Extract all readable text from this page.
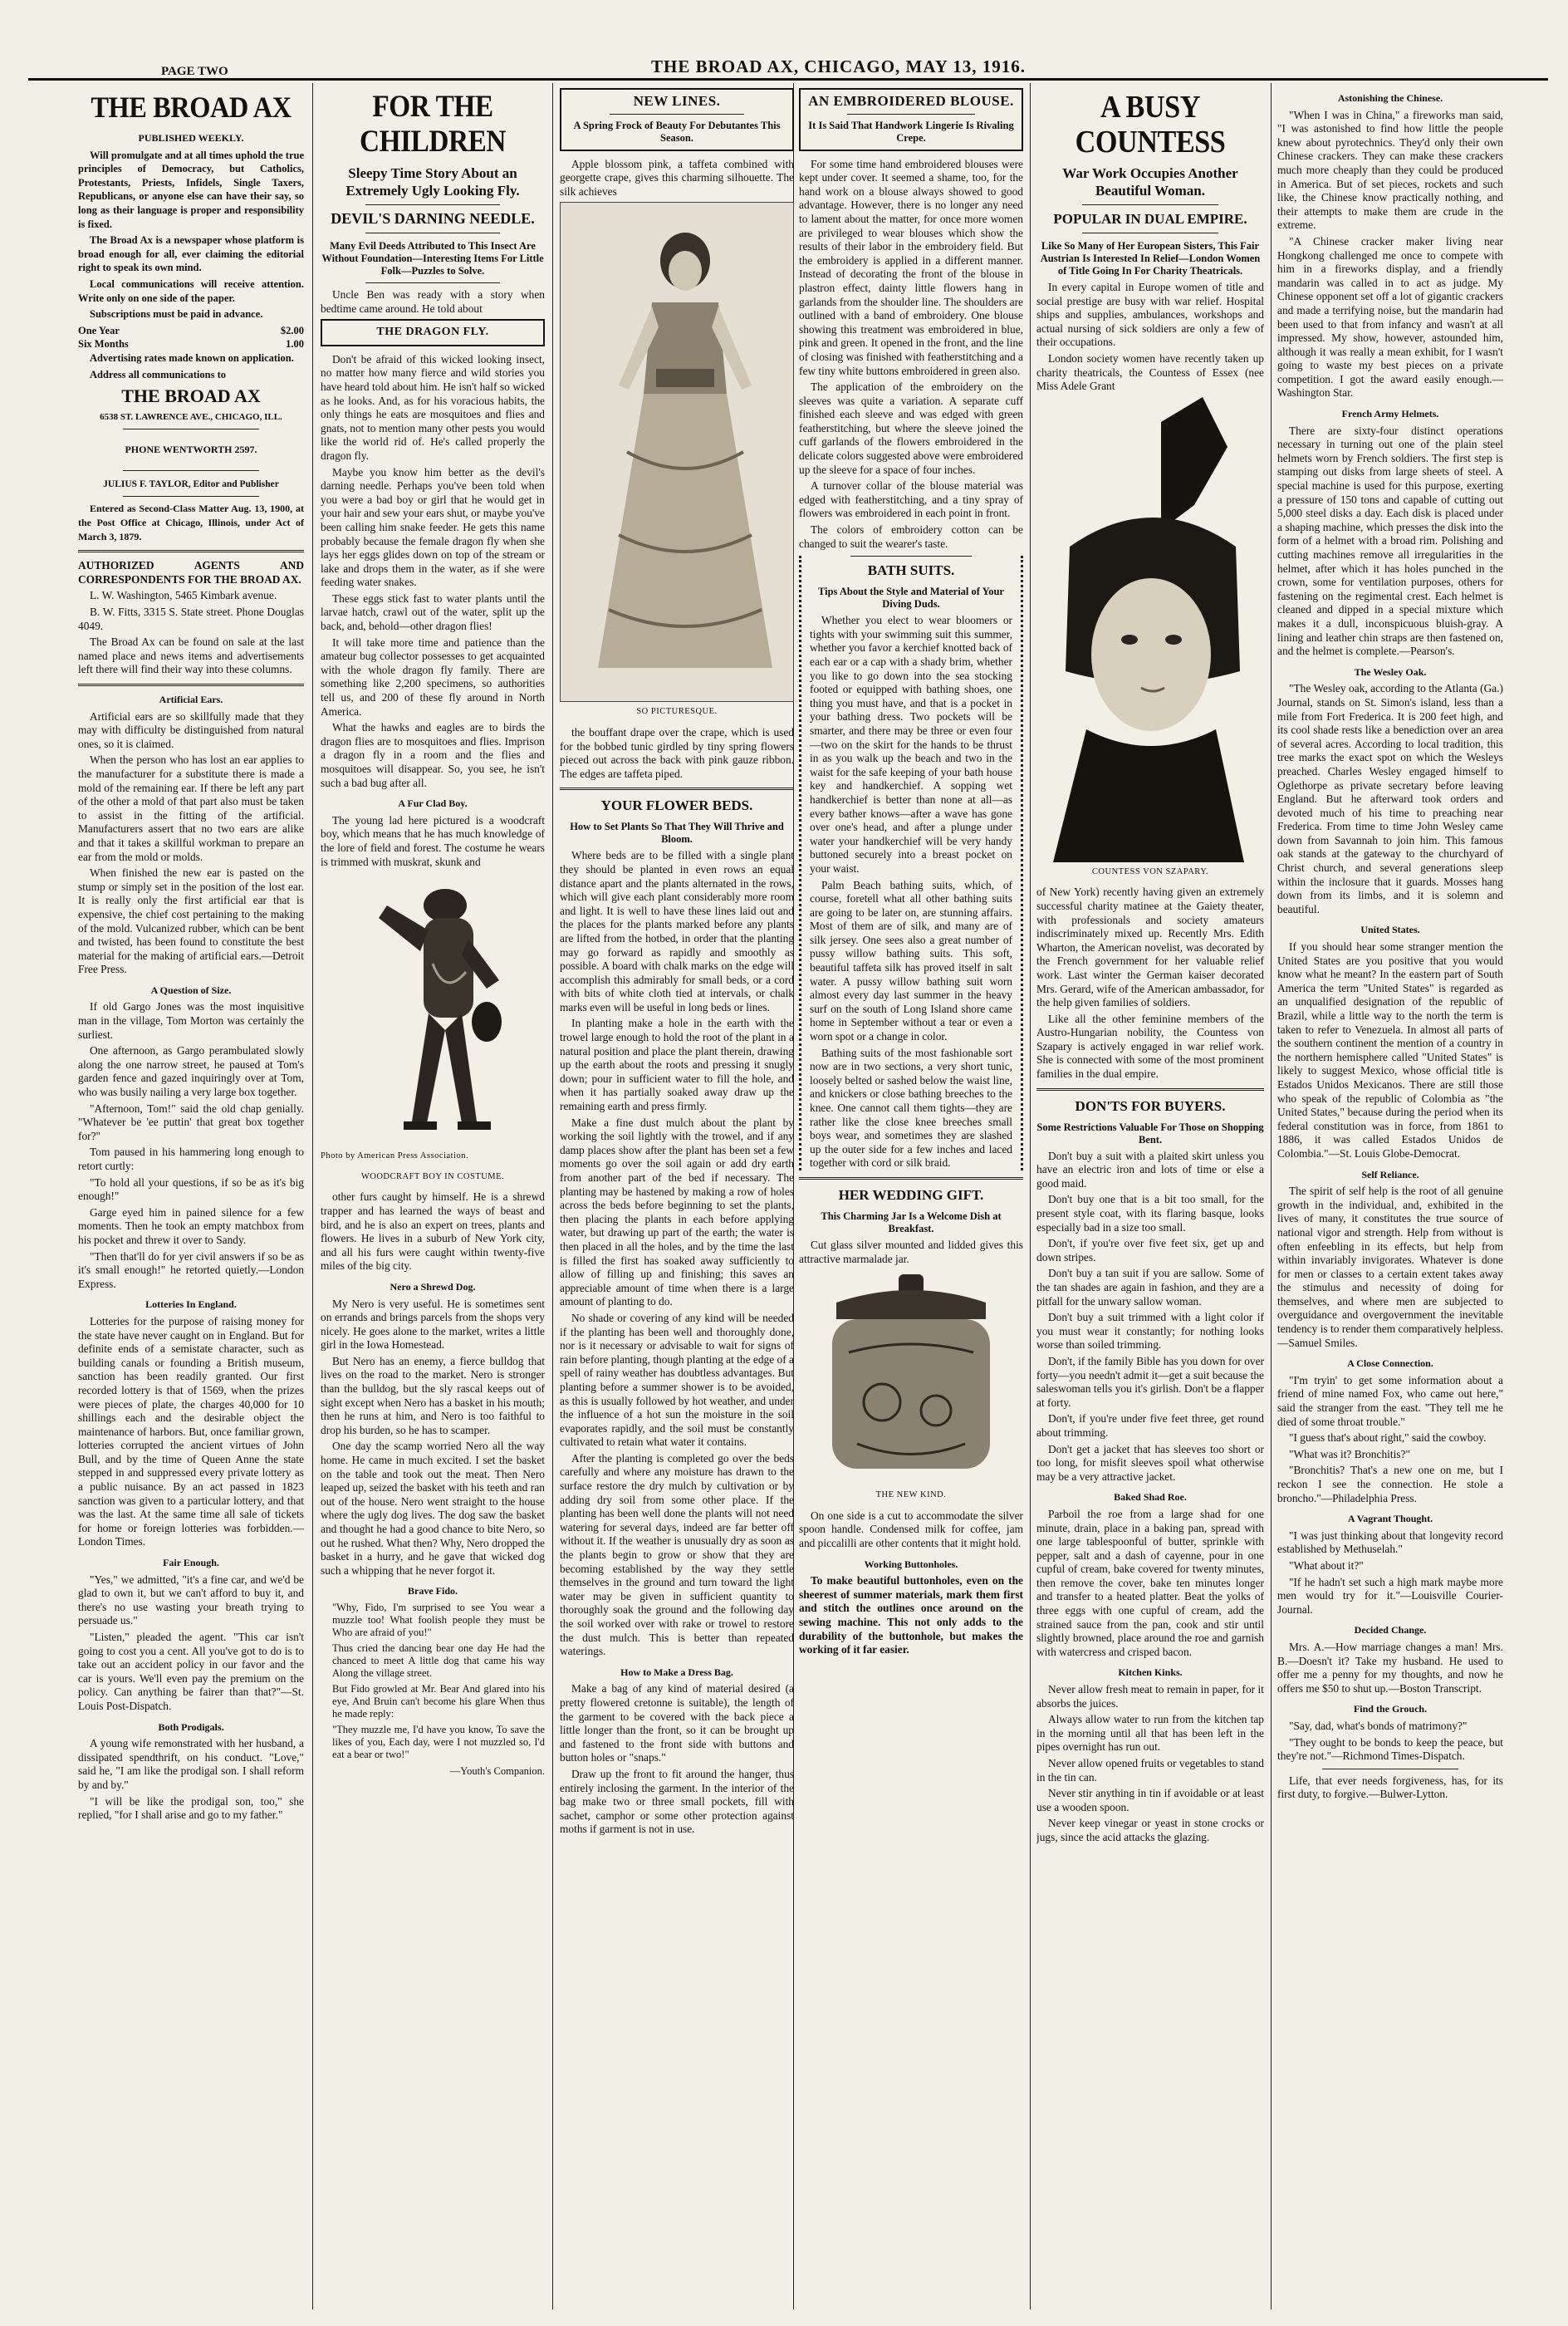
PAGE TWO	THE BROAD AX, CHICAGO, MAY 13, 1916.
THE BROAD AX
PUBLISHED WEEKLY.

Will promulgate and at all times uphold the true principles of Democracy, but Catholics, Protestants, Priests, Infidels, Single Taxers, Republicans, or anyone else can have their say, so long as their language is proper and responsibility is fixed.

The Broad Ax is a newspaper whose platform is broad enough for all, ever claiming the editorial right to speak its own mind.

Local communications will receive attention. Write only on one side of the paper.

Subscriptions must be paid in advance.

One Year	$2.00
Six Months	1.00

Advertising rates made known on application.

Address all communications to

THE BROAD AX
6538 ST. LAWRENCE AVE., CHICAGO, ILL.
PHONE WENTWORTH 2597.
JULIUS F. TAYLOR, Editor and Publisher

Entered as Second-Class Matter Aug. 13, 1900, at the Post Office at Chicago, Illinois, under Act of March 3, 1879.

AUTHORIZED AGENTS AND CORRESPONDENTS FOR THE BROAD AX.

L. W. Washington, 5465 Kimbark avenue.

B. W. Fitts, 3315 S. State street. Phone Douglas 4049.

The Broad Ax can be found on sale at the last named place and news items and advertisements left there will find their way into these columns.

Artificial Ears.

Artificial ears are so skillfully made that they may with difficulty be distinguished from natural ones, so it is claimed.

When the person who has lost an ear applies to the manufacturer for a substitute there is made a mold of the remaining ear. If there be left any part of the other a mold of that part also must be taken to assist in the fitting of the artificial. Manufacturers assert that no two ears are alike and that it takes a skillful workman to prepare an ear from the mold or molds.

When finished the new ear is pasted on the stump or simply set in the position of the lost ear. It is really only the first artificial ear that is expensive, the chief cost pertaining to the making of the mold. Vulcanized rubber, which can be bent and twisted, has been found to constitute the best material for the making of artificial ears.—Detroit Free Press.

A Question of Size.

If old Gargo Jones was the most inquisitive man in the village, Tom Morton was certainly the surliest.

One afternoon, as Gargo perambulated slowly along the one narrow street, he paused at Tom's garden fence and gazed inquiringly over at Tom, who was busily nailing a very large box together.

"Afternoon, Tom!" said the old chap genially. "Whatever be 'ee puttin' that great box together for?"

Tom paused in his hammering long enough to retort curtly:

"To hold all your questions, if so be as it's big enough!"

Garge eyed him in pained silence for a few moments. Then he took an empty matchbox from his pocket and threw it over to Sandy.

"Then that'll do for yer civil answers if so be as it's small enough!" he retorted quietly.—London Express.

Lotteries In England.

Lotteries for the purpose of raising money for the state have never caught on in England. But for definite ends of a semistate character, such as building canals or founding a British museum, sanction has been readily granted. Our first recorded lottery is that of 1569, when the prizes were pieces of plate, the charges 40,000 for 10 shillings each and the desirable object the maintenance of harbors. But, once familiar grown, lotteries corrupted the ancient virtues of John Bull, and by the time of Queen Anne the state stepped in and suppressed every private lottery as a public nuisance. By an act passed in 1823 sanction was given to a particular lottery, and that was the last. At the same time all sale of tickets for home or foreign lotteries was forbidden.—London Times.

Fair Enough.

"Yes," we admitted, "it's a fine car, and we'd be glad to own it, but we can't afford to buy it, and there's no use wasting your breath trying to persuade us."

"Listen," pleaded the agent. "This car isn't going to cost you a cent. All you've got to do is to take out an accident policy in our favor and the car is yours. We'll even pay the premium on the policy. Can anything be fairer than that?"—St. Louis Post-Dispatch.

Both Prodigals.

A young wife remonstrated with her husband, a dissipated spendthrift, on his conduct. "Love," said he, "I am like the prodigal son. I shall reform by and by."

"I will be like the prodigal son, too," she replied, "for I shall arise and go to my father."

FOR THE CHILDREN
Sleepy Time Story About an Extremely Ugly Looking Fly.
DEVIL'S DARNING NEEDLE.
Many Evil Deeds Attributed to This Insect Are Without Foundation—Interesting Items For Little Folk—Puzzles to Solve.

Uncle Ben was ready with a story when bedtime came around. He told about

THE DRAGON FLY.

Don't be afraid of this wicked looking insect, no matter how many fierce and wild stories you have heard told about him. He isn't half so wicked as he looks. And, as for his voracious habits, the only things he eats are mosquitoes and flies and gnats, not to mention many other pests you would like the world rid of. He's called properly the dragon fly.

Maybe you know him better as the devil's darning needle. Perhaps you've been told when you were a bad boy or girl that he would get in your hair and sew your ears shut, or maybe you've been calling him snake feeder. He gets this name probably because the female dragon fly when she lays her eggs glides down on top of the stream or lake and drops them in the water, as if she were feeding water snakes.

These eggs stick fast to water plants until the larvae hatch, crawl out of the water, split up the back, and, behold—other dragon flies!

It will take more time and patience than the amateur bug collector possesses to get acquainted with the whole dragon fly family. There are something like 2,200 specimens, so authorities tell us, and 200 of these fly around in North America.

What the hawks and eagles are to birds the dragon flies are to mosquitoes and flies. Imprison a dragon fly in a room and the flies and mosquitoes will disappear. So, you see, he isn't such a bad bug after all.

A Fur Clad Boy.

The young lad here pictured is a woodcraft boy, which means that he has much knowledge of the lore of field and forest. The costume he wears is trimmed with muskrat, skunk and

Photo by American Press Association.
WOODCRAFT BOY IN COSTUME.

other furs caught by himself. He is a shrewd trapper and has learned the ways of beast and bird, and he is also an expert on trees, plants and flowers. He lives in a suburb of New York city, and all his furs were caught within twenty-five miles of the big city.

Nero a Shrewd Dog.

My Nero is very useful. He is sometimes sent on errands and brings parcels from the shops very nicely. He goes alone to the market, writes a little girl in the Iowa Homestead.

But Nero has an enemy, a fierce bulldog that lives on the road to the market. Nero is stronger than the bulldog, but the sly rascal keeps out of sight except when Nero has a basket in his mouth; then he runs at him, and Nero is too faithful to drop his burden, so he has to scamper.

One day the scamp worried Nero all the way home. He came in much excited. I set the basket on the table and took out the meat. Then Nero leaped up, seized the basket with his teeth and ran out of the house. Nero went straight to the house where the ugly dog lives. The dog saw the basket and thought he had a good chance to bite Nero, so out he rushed. What then? Why, Nero dropped the basket in a hurry, and he gave that wicked dog such a whipping that he never forgot it.

Brave Fido.

"Why, Fido, I'm surprised to see You wear a muzzle too! What foolish people they must be Who are afraid of you!"

Thus cried the dancing bear one day He had the chanced to meet A little dog that came his way Along the village street.

But Fido growled at Mr. Bear And glared into his eye, And Bruin can't become his glare When thus he made reply:

"They muzzle me, I'd have you know, To save the likes of you, Each day, were I not muzzled so, I'd eat a bear or two!"

—Youth's Companion.
NEW LINES.
A Spring Frock of Beauty For Debutantes This Season.

Apple blossom pink, a taffeta combined with georgette crape, gives this charming silhouette. The silk achieves

SO PICTURESQUE.

the bouffant drape over the crape, which is used for the bobbed tunic girdled by tiny spring flowers pieced out across the back with pink gauze ribbon. The edges are taffeta piped.

YOUR FLOWER BEDS.
How to Set Plants So That They Will Thrive and Bloom.

Where beds are to be filled with a single plant they should be planted in even rows an equal distance apart and the plants alternated in the rows, which will give each plant considerably more room and light. It is well to have these lines laid out and the places for the plants marked before any plants are lifted from the hotbed, in order that the planting may go forward as rapidly and smoothly as possible. A board with chalk marks on the edge will accomplish this admirably for small beds, or a cord with bits of white cloth tied at intervals, or chalk marks even will be useful in long beds or lines.

In planting make a hole in the earth with the trowel large enough to hold the root of the plant in a natural position and place the plant therein, drawing up the earth about the roots and pressing it snugly down; pour in sufficient water to fill the hole, and when it has partially soaked away draw up the remaining earth and press firmly.

Make a fine dust mulch about the plant by working the soil lightly with the trowel, and if any damp places show after the plant has been set a few moments go over the soil again or add dry earth from another part of the bed if necessary. The planting may be hastened by making a row of holes across the beds before beginning to set the plants, then placing the plants in each before applying water, but drawing up part of the earth; the water is then placed in all the holes, and by the time the last is filled the first has soaked away sufficiently to allow of filling up and finishing; this saves an appreciable amount of time when there is a large amount of planting to do.

No shade or covering of any kind will be needed if the planting has been well and thoroughly done, nor is it necessary or advisable to wait for signs of rain before planting, though planting at the edge of a spell of rainy weather has doubtless advantages. But planting before a summer shower is to be avoided, as this is usually followed by hot weather, and under the influence of a hot sun the moisture in the soil evaporates rapidly, and the soil must be constantly cultivated to retain what water it contains.

After the planting is completed go over the beds carefully and where any moisture has drawn to the surface restore the dry mulch by cultivation or by adding dry soil from some other place. If the planting has been well done the plants will not need watering for several days, indeed are far better off without it. If the weather is unusually dry as soon as the plants begin to grow or show that they are becoming established by the way they settle themselves in the ground and turn toward the light water may be given in sufficient quantity to thoroughly soak the ground and the following day the soil worked over with rake or trowel to restore the dust mulch. This is better than repeated waterings.

How to Make a Dress Bag.

Make a bag of any kind of material desired (a pretty flowered cretonne is suitable), the length of the garment to be covered with the back piece a little longer than the front, so it can be brought up and fastened to the front side with buttons and button holes or "snaps."

Draw up the front to fit around the hanger, thus entirely inclosing the garment. In the interior of the bag make two or three small pockets, fill with sachet, camphor or some other protection against moths if garment is not in use.

AN EMBROIDERED BLOUSE.
It Is Said That Handwork Lingerie Is Rivaling Crepe.

For some time hand embroidered blouses were kept under cover. It seemed a shame, too, for the hand work on a blouse always showed to good advantage. However, there is no longer any need to lament about the matter, for once more women are privileged to wear blouses which show the results of their labor in the embroidery field. But the embroidery is applied in a different manner. Instead of decorating the front of the blouse in plastron effect, dainty little flowers hang in garlands from the shoulder line. The shoulders are outlined with a band of embroidery. One blouse showing this treatment was embroidered in blue, pink and green. It opened in the front, and the line of closing was finished with featherstitching and a few tiny white buttons embroidered in green also.

The application of the embroidery on the sleeves was quite a variation. A separate cuff finished each sleeve and was edged with green featherstitching, but where the sleeve joined the cuff garlands of the flowers embroidered in the delicate colors suggested above were embroidered up the sleeve for a space of four inches.

A turnover collar of the blouse material was edged with featherstitching, and a tiny spray of flowers was embroidered in each point in front.

The colors of embroidery cotton can be changed to suit the wearer's taste.

BATH SUITS.
Tips About the Style and Material of Your Diving Duds.

Whether you elect to wear bloomers or tights with your swimming suit this summer, whether you favor a kerchief knotted back of each ear or a cap with a shady brim, whether you like to go down into the sea stocking footed or equipped with bathing shoes, one thing you must have, and that is a pocket in your bathing dress. Two pockets will be smarter, and there may be three or even four—two on the skirt for the hands to be thrust in as you walk up the beach and two in the waist for the safe keeping of your bath house key and handkerchief. A sopping wet handkerchief is better than none at all—as every bather knows—after a wave has gone over one's head, and after a plunge under water your handkerchief will be very handy buttoned securely into a breast pocket on your waist.

Palm Beach bathing suits, which, of course, foretell what all other bathing suits are going to be later on, are stunning affairs. Most of them are of silk, and many are of silk jersey. One sees also a great number of pussy willow bathing suits. This soft, beautiful taffeta silk has proved itself in salt water. A pussy willow bathing suit worn almost every day last summer in the heavy surf on the south of Long Island shore came home in September without a tear or even a worn spot or a change in color.

Bathing suits of the most fashionable sort now are in two sections, a very short tunic, loosely belted or sashed below the waist line, and knickers or close bathing breeches to the knee. One cannot call them tights—they are rather like the close knee breeches small boys wear, and sometimes they are slashed up the outer side for a few inches and laced together with cord or silk braid.

HER WEDDING GIFT.
This Charming Jar Is a Welcome Dish at Breakfast.

Cut glass silver mounted and lidded gives this attractive marmalade jar.

THE NEW KIND.

On one side is a cut to accommodate the silver spoon handle. Condensed milk for coffee, jam and piccalilli are other contents that it might hold.

Working Buttonholes.

To make beautiful buttonholes, even on the sheerest of summer materials, mark them first and stitch the outlines once around on the sewing machine. This not only adds to the durability of the buttonhole, but makes the working of it far easier.

A BUSY COUNTESS
War Work Occupies Another Beautiful Woman.
POPULAR IN DUAL EMPIRE.
Like So Many of Her European Sisters, This Fair Austrian Is Interested In Relief—London Women of Title Going In For Charity Theatricals.

In every capital in Europe women of title and social prestige are busy with war relief. Hospital ships and supplies, ambulances, workshops and actual nursing of sick soldiers are only a few of their occupations.

London society women have recently taken up charity theatricals, the Countess of Essex (nee Miss Adele Grant

COUNTESS VON SZAPARY.

of New York) recently having given an extremely successful charity matinee at the Gaiety theater, with professionals and society amateurs indiscriminately mixed up. Recently Mrs. Edith Wharton, the American novelist, was decorated by the French government for her valuable relief work. Last winter the German kaiser decorated Mrs. Gerard, wife of the American ambassador, for the help given families of soldiers.

Like all the other feminine members of the Austro-Hungarian nobility, the Countess von Szapary is actively engaged in war relief work. She is connected with some of the most prominent families in the dual empire.

DON'TS FOR BUYERS.
Some Restrictions Valuable For Those on Shopping Bent.

Don't buy a suit with a plaited skirt unless you have an electric iron and lots of time or else a good maid.

Don't buy one that is a bit too small, for the present style coat, with its flaring basque, looks especially bad in a size too small.

Don't, if you're over five feet six, get up and down stripes.

Don't buy a tan suit if you are sallow. Some of the tan shades are again in fashion, and they are a pitfall for the unwary sallow woman.

Don't buy a suit trimmed with a light color if you must wear it constantly; for nothing looks worse than soiled trimming.

Don't, if the family Bible has you down for over forty—you needn't admit it—get a suit because the saleswoman tells you it's girlish. Don't be a flapper at forty.

Don't, if you're under five feet three, get round about trimming.

Don't get a jacket that has sleeves too short or too long, for misfit sleeves spoil what otherwise may be a very attractive jacket.

Baked Shad Roe.

Parboil the roe from a large shad for one minute, drain, place in a baking pan, spread with one large tablespoonful of butter, sprinkle with pepper, salt and a dash of cayenne, pour in one cupful of cream, bake covered for twenty minutes, then remove the cover, bake ten minutes longer and transfer to a heated platter. Beat the yolks of three eggs with one cupful of cream, add the strained sauce from the pan, cook and stir until slightly browned, place around the roe and garnish with watercress and crisped bacon.

Kitchen Kinks.

Never allow fresh meat to remain in paper, for it absorbs the juices.

Always allow water to run from the kitchen tap in the morning until all that has been left in the pipes overnight has run out.

Never allow opened fruits or vegetables to stand in the tin can.

Never stir anything in tin if avoidable or at least use a wooden spoon.

Never keep vinegar or yeast in stone crocks or jugs, since the acid attacks the glazing.

Astonishing the Chinese.

"When I was in China," a fireworks man said, "I was astonished to find how little the people knew about pyrotechnics. They'd only their own Chinese crackers. They can make these crackers much more cheaply than they could be produced in America. But of set pieces, rockets and such like, the Chinese know practically nothing, and their attempts to make them are crude in the extreme.

"A Chinese cracker maker living near Hongkong challenged me once to compete with him in a fireworks display, and a friendly mandarin was called in to act as judge. My Chinese opponent set off a lot of gigantic crackers and made a terrifying noise, but the mandarin had been used to that from infancy and wasn't at all impressed. My show, however, astounded him, although it was really a mean exhibit, for I wasn't going to waste my best pieces on a private competition. I got the award easily enough.—Washington Star.

French Army Helmets.

There are sixty-four distinct operations necessary in turning out one of the plain steel helmets worn by French soldiers. The first step is stamping out disks from large sheets of steel. A special machine is used for this purpose, exerting a pressure of 150 tons and capable of cutting out 5,000 steel disks a day. Each disk is placed under a shaping machine, which presses the disk into the form of a helmet with a broad rim. Polishing and cutting machines remove all irregularities in the helmet, after which it has holes punched in the crown, some for ventilation purposes, others for fastening on the regimental crest. Each helmet is cleaned and dipped in a special mixture which makes it a dull, inconspicuous bluish-gray. A lining and leather chin straps are then fastened on, and the helmet is complete.—Pearson's.

The Wesley Oak.

"The Wesley oak, according to the Atlanta (Ga.) Journal, stands on St. Simon's island, less than a mile from Fort Frederica. It is 200 feet high, and its cool shade rests like a benediction over an area of several acres. According to local tradition, this tree marks the exact spot on which the Wesleys preached. Charles Wesley engaged himself to Oglethorpe as private secretary before leaving England. But he afterward took orders and devoted much of his time to preaching near Frederica. From time to time John Wesley came down from Savannah to join him. This famous oak stands at the gateway to the churchyard of Christ church, and several generations sleep within the inclosure that it guards. Mosses hang down from its limbs, and it is solemn and beautiful.

United States.

If you should hear some stranger mention the United States are you positive that you would know what he meant? In the eastern part of South America the term "United States" is regarded as an unqualified designation of the republic of Brazil, while a little way to the north the term is taken to refer to Venezuela. In almost all parts of the southern continent the mention of a country in the northern hemisphere called "United States" is likely to suggest Mexico, whose official title is Estados Unidos Mexicanos. There are still those who speak of the republic of Colombia as "the United States," because during the period when its federal constitution was in force, from 1861 to 1886, it was called Estados Unidos de Colombia."—St. Louis Globe-Democrat.

Self Reliance.

The spirit of self help is the root of all genuine growth in the individual, and, exhibited in the lives of many, it constitutes the true source of national vigor and strength. Help from without is often enfeebling in its effects, but help from within invariably invigorates. Whatever is done for men or classes to a certain extent takes away the stimulus and necessity of doing for themselves, and where men are subjected to overguidance and overgovernment the inevitable tendency is to render them comparatively helpless.—Samuel Smiles.

A Close Connection.

"I'm tryin' to get some information about a friend of mine named Fox, who came out here," said the stranger from the east. "They tell me he died of some throat trouble."

"I guess that's about right," said the cowboy.

"What was it? Bronchitis?"

"Bronchitis? That's a new one on me, but I reckon I see the connection. He stole a broncho."—Philadelphia Press.

A Vagrant Thought.

"I was just thinking about that longevity record established by Methuselah."

"What about it?"

"If he hadn't set such a high mark maybe more men would try for it."—Louisville Courier-Journal.

Decided Change.

Mrs. A.—How marriage changes a man! Mrs. B.—Doesn't it? Take my husband. He used to offer me a penny for my thoughts, and now he offers me $50 to shut up.—Boston Transcript.

Find the Grouch.

"Say, dad, what's bonds of matrimony?"

"They ought to be bonds to keep the peace, but they're not."—Richmond Times-Dispatch.

Life, that ever needs forgiveness, has, for its first duty, to forgive.—Bulwer-Lytton.
